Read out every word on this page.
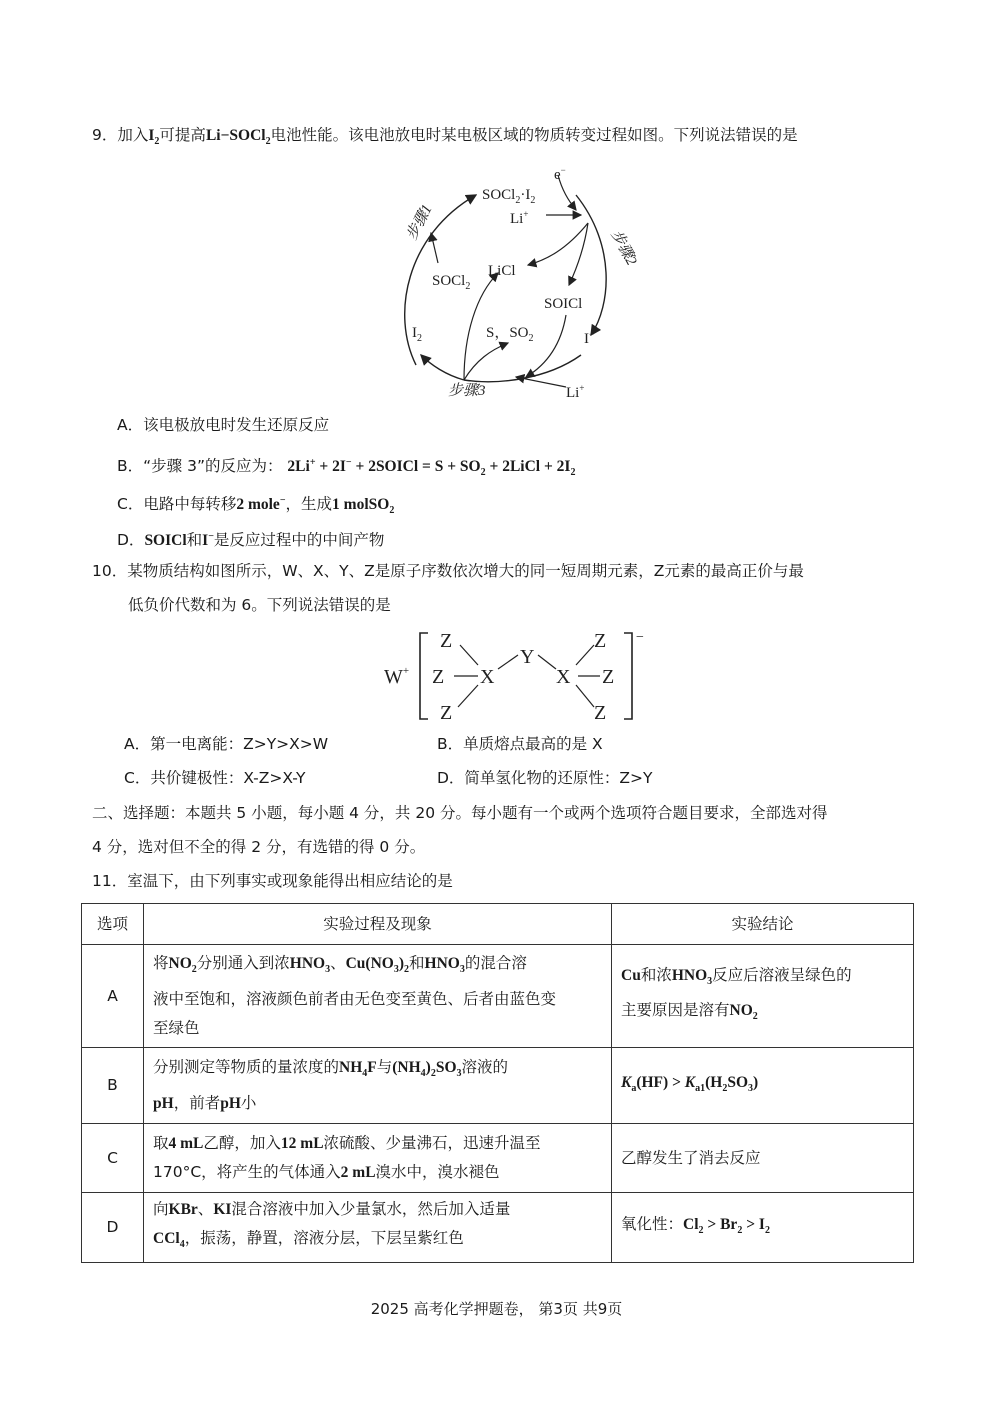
9．加入$I_2$可提高Li−SOCl$_2$电池性能。该电池放电时某电极区域的物质转变过程如图。下列说法错误的是
e−
$SOCl_2\cdot I_2$
Li+
步骤1
步骤2
LiCl
SOCl$_2$
SOICl
S，$SO_2$
$I_2$	I−
步骤3	Li+
A．该电极放电时发生还原反应
B．“步骤 3”的反应为： 2Li+ + 2I− + 2SOICl = $S + SO_2$ + 2LiCl + $2I_2$
C．电路中每转移2 mole−，生成1 molSO$_2$
D．SOICl和I−是反应过程中的中间产物
10．某物质结构如图所示，W、X、Y、Z是原子序数依次增大的同一短周期元素，Z元素的最高正价与最
低负价代数和为 6。下列说法错误的是
W+
−
Z
Z
Z
X
Y
X
Z
Z
Z
A．第一电离能：Z>Y>X>W	B．单质熔点最高的是 X
C．共价键极性：X-Z>X-Y	D．简单氢化物的还原性：Z>Y
二、选择题：本题共 5 小题，每小题 4 分，共 20 分。每小题有一个或两个选项符合题目要求，全部选对得
4 分，选对但不全的得 2 分，有选错的得 0 分。
11．室温下，由下列事实或现象能得出相应结论的是
选项	实验过程及现象	实验结论
A	将$NO_2$分别通入到浓$HNO_3$、$Cu(NO_3)_2$和$HNO_3$的混合溶
液中至饱和，溶液颜色前者由无色变至黄色、后者由蓝色变
至绿色	Cu和浓$HNO_3$反应后溶液呈绿色的
主要原因是溶有$NO_2$
B	分别测定等物质的量浓度的$NH_4F$与$(NH_4)_2SO_3$溶液的
pH，前者pH小	$K_a(HF) > K_{a1}(H_2SO_3)$
C	取4 mL乙醇，加入12 mL浓硫酸、少量沸石，迅速升温至
170°C，将产生的气体通入2 mL溴水中，溴水褪色	乙醇发生了消去反应
D	向KBr、KI混合溶液中加入少量氯水，然后加入适量
CCl$_4$，振荡，静置，溶液分层，下层呈紫红色	氧化性：$Cl_2 > Br_2 > I_2$
2025 高考化学押题卷， 第3页 共9页
